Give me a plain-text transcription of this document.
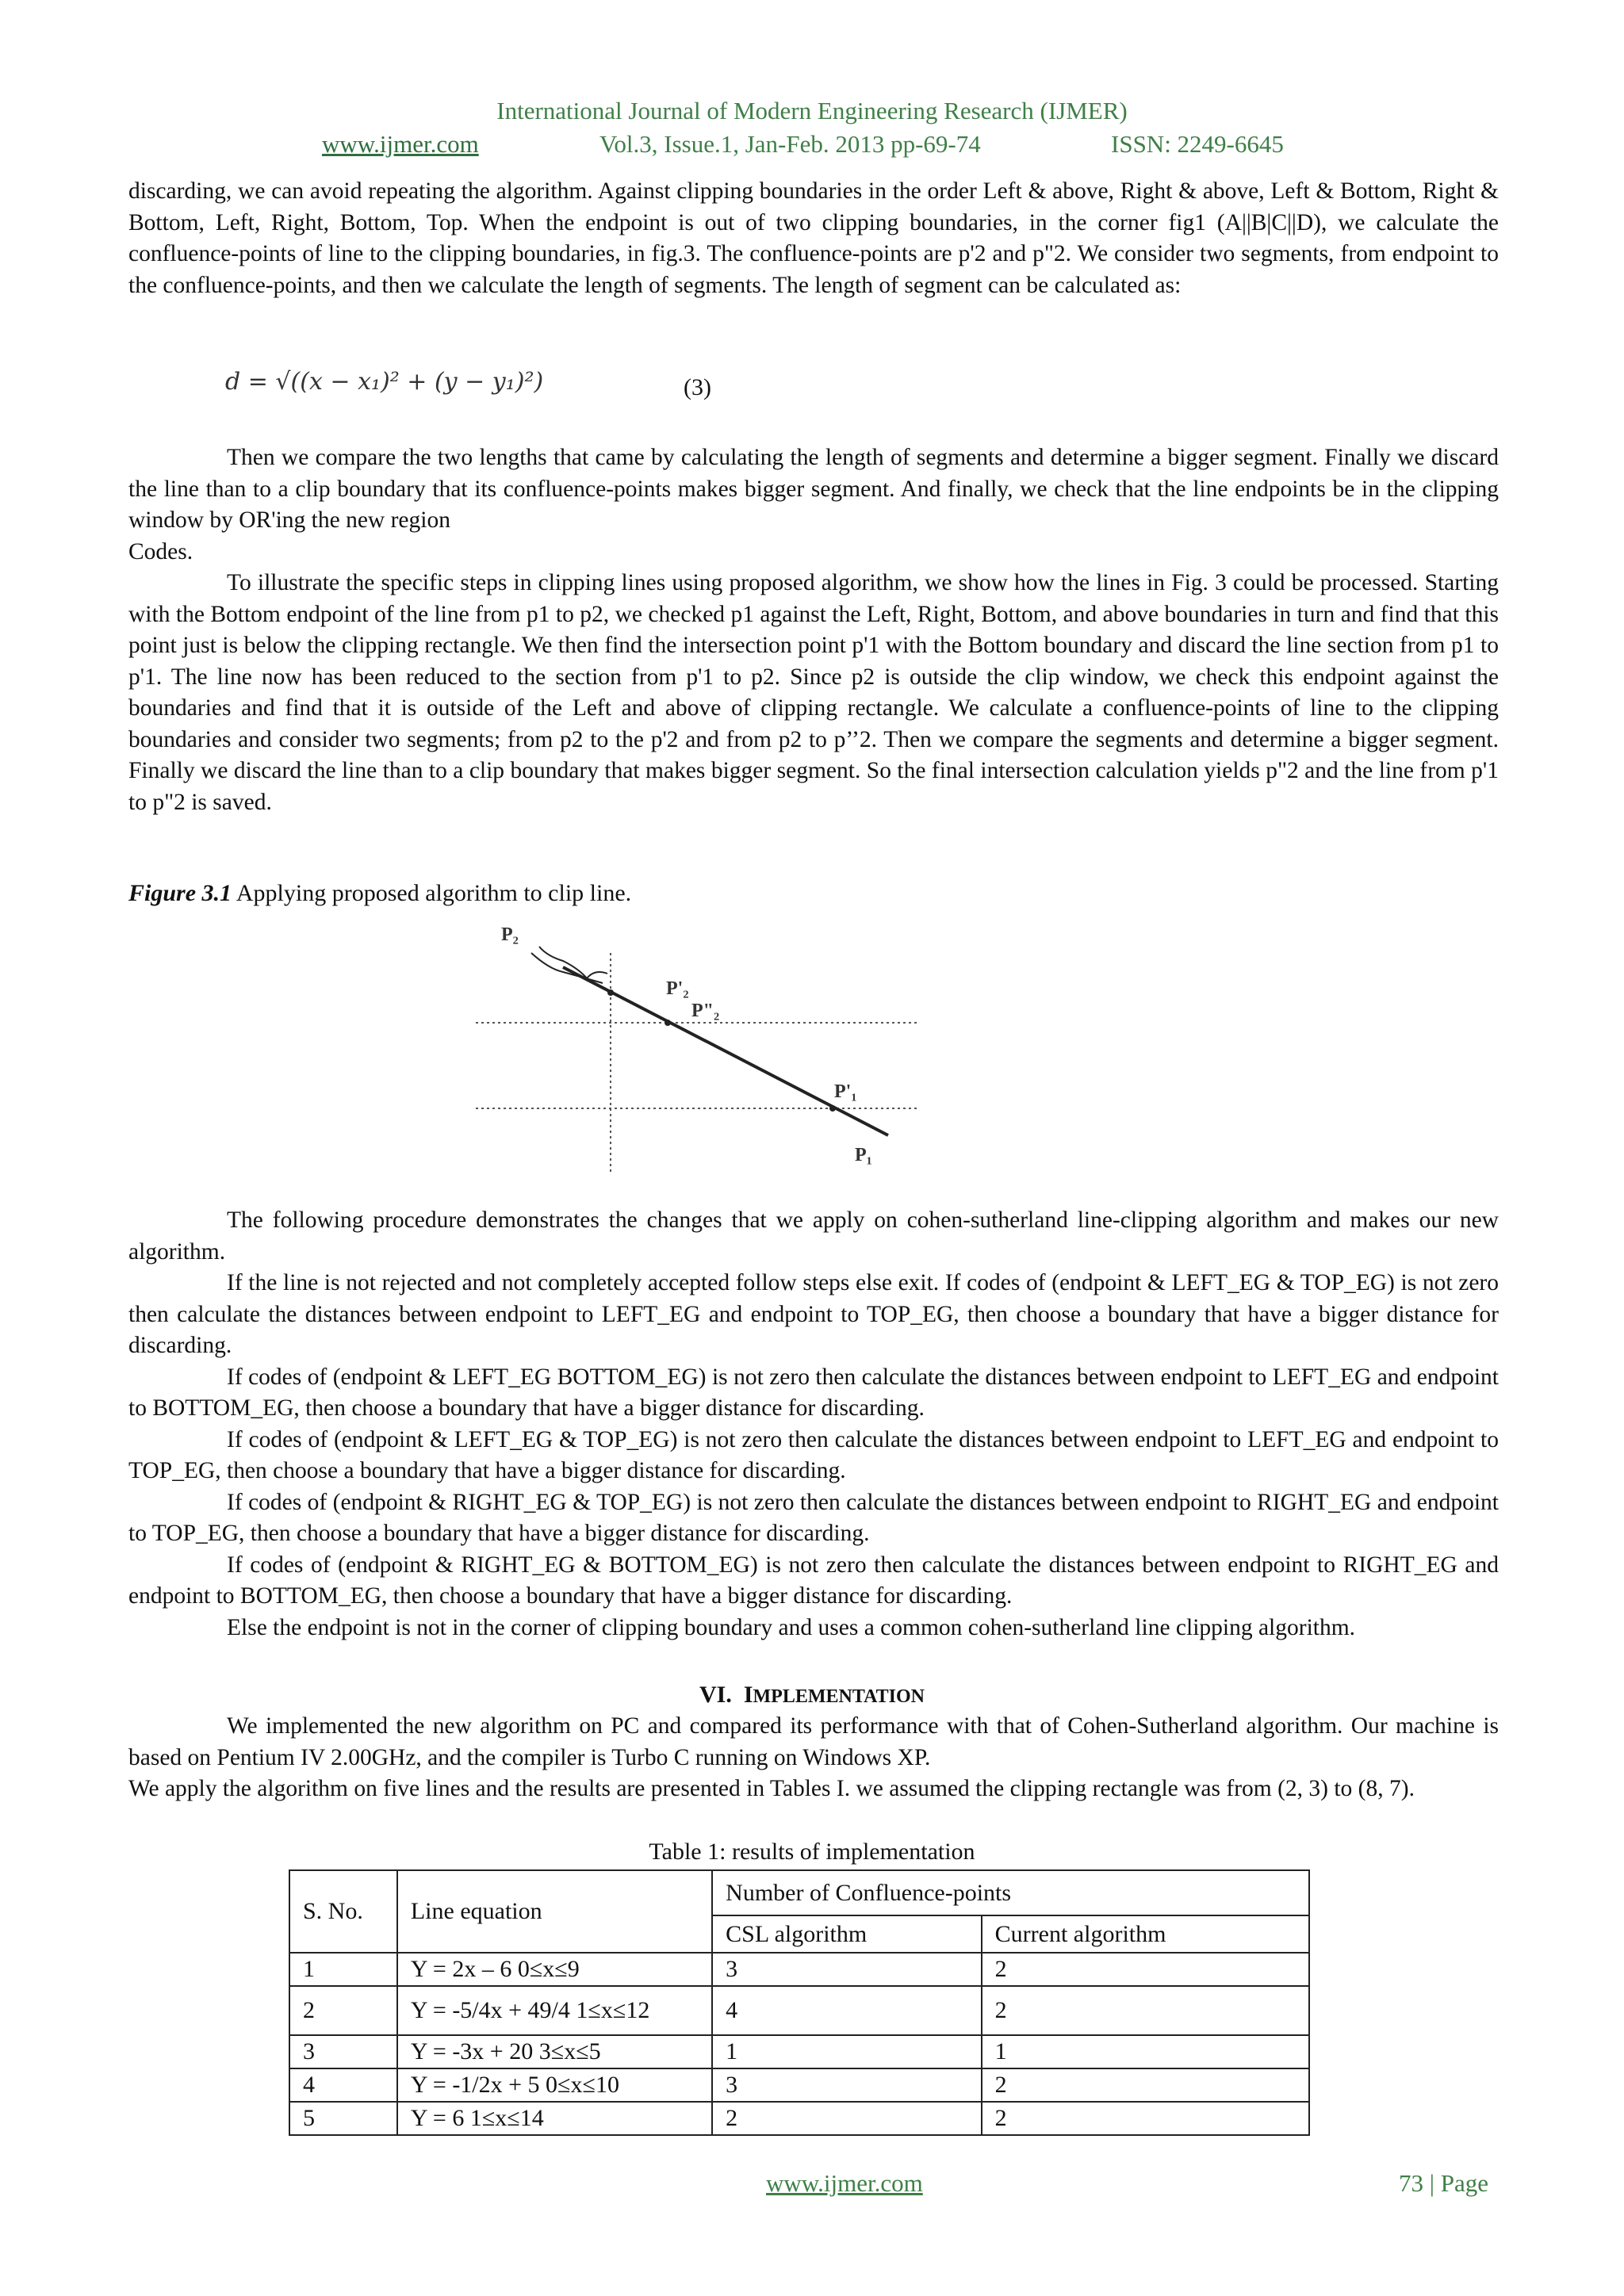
International Journal of Modern Engineering Research (IJMER)
www.ijmer.com	Vol.3, Issue.1, Jan-Feb. 2013 pp-69-74	ISSN: 2249-6645

discarding, we can avoid repeating the algorithm. Against clipping boundaries in the order Left & above, Right & above, Left & Bottom, Right & Bottom, Left, Right, Bottom, Top. When the endpoint is out of two clipping boundaries, in the corner fig1 (A||B|C||D), we calculate the confluence-points of line to the clipping boundaries, in fig.3. The confluence-points are p'2 and p"2. We consider two segments, from endpoint to the confluence-points, and then we calculate the length of segments. The length of segment can be calculated as:

d = √((x − x₁)² + (y − y₁)²)	(3)

Then we compare the two lengths that came by calculating the length of segments and determine a bigger segment. Finally we discard the line than to a clip boundary that its confluence-points makes bigger segment. And finally, we check that the line endpoints be in the clipping window by OR'ing the new region

Codes.

To illustrate the specific steps in clipping lines using proposed algorithm, we show how the lines in Fig. 3 could be processed. Starting with the Bottom endpoint of the line from p1 to p2, we checked p1 against the Left, Right, Bottom, and above boundaries in turn and find that this point just is below the clipping rectangle. We then find the intersection point p'1 with the Bottom boundary and discard the line section from p1 to p'1. The line now has been reduced to the section from p'1 to p2. Since p2 is outside the clip window, we check this endpoint against the boundaries and find that it is outside of the Left and above of clipping rectangle. We calculate a confluence-points of line to the clipping boundaries and consider two segments; from p2 to the p'2 and from p2 to p’’2. Then we compare the segments and determine a bigger segment. Finally we discard the line than to a clip boundary that makes bigger segment. So the final intersection calculation yields p"2 and the line from p'1 to p"2 is saved.

Figure 3.1 Applying proposed algorithm to clip line.
P₂
P'₂
P"₂
P'₁
P₁

The following procedure demonstrates the changes that we apply on cohen-sutherland line-clipping algorithm and makes our new algorithm.

If the line is not rejected and not completely accepted follow steps else exit. If codes of (endpoint & LEFT_EG & TOP_EG) is not zero then calculate the distances between endpoint to LEFT_EG and endpoint to TOP_EG, then choose a boundary that have a bigger distance for discarding.

If codes of (endpoint & LEFT_EG BOTTOM_EG) is not zero then calculate the distances between endpoint to LEFT_EG and endpoint to BOTTOM_EG, then choose a boundary that have a bigger distance for discarding.

If codes of (endpoint & LEFT_EG & TOP_EG) is not zero then calculate the distances between endpoint to LEFT_EG and endpoint to TOP_EG, then choose a boundary that have a bigger distance for discarding.

If codes of (endpoint & RIGHT_EG & TOP_EG) is not zero then calculate the distances between endpoint to RIGHT_EG and endpoint to TOP_EG, then choose a boundary that have a bigger distance for discarding.

If codes of (endpoint & RIGHT_EG & BOTTOM_EG) is not zero then calculate the distances between endpoint to RIGHT_EG and endpoint to BOTTOM_EG, then choose a boundary that have a bigger distance for discarding.

Else the endpoint is not in the corner of clipping boundary and uses a common cohen-sutherland line clipping algorithm.

VI. IMPLEMENTATION

We implemented the new algorithm on PC and compared its performance with that of Cohen-Sutherland algorithm. Our machine is based on Pentium IV 2.00GHz, and the compiler is Turbo C running on Windows XP.

We apply the algorithm on five lines and the results are presented in Tables I. we assumed the clipping rectangle was from (2, 3) to (8, 7).

Table 1: results of implementation
S. No.	Line equation	Number of Confluence-points	
		CSL algorithm	Current algorithm
1	Y = 2x – 6 0≤x≤9	3	2
2	Y = -5/4x + 49/4 1≤x≤12	4	2
3	Y = -3x + 20 3≤x≤5	1	1
4	Y = -1/2x + 5 0≤x≤10	3	2
5	Y = 6 1≤x≤14	2	2
www.ijmer.com	73 | Page
